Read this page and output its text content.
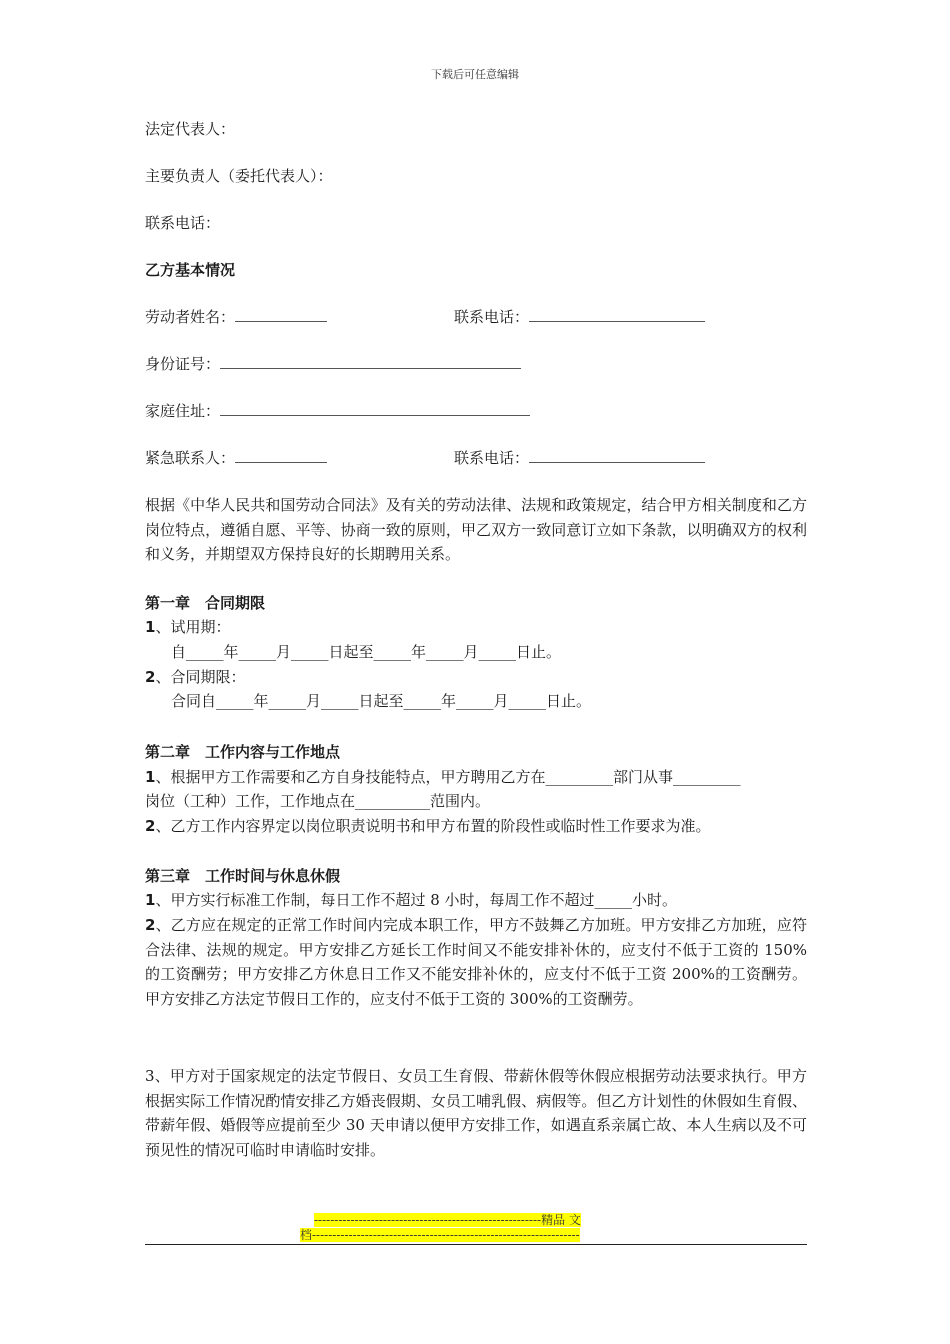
下载后可任意编辑
法定代表人：
主要负责人（委托代表人）：
联系电话：
乙方基本情况
劳动者姓名：	联系电话：
身份证号：
家庭住址：
紧急联系人：	联系电话：
根据《中华人民共和国劳动合同法》及有关的劳动法律、法规和政策规定，结合甲方相关制度和乙方岗位特点，遵循自愿、平等、协商一致的原则，甲乙双方一致同意订立如下条款，以明确双方的权利和义务，并期望双方保持良好的长期聘用关系。
第一章　合同期限
1、试用期：
自_____年_____月_____日起至_____年_____月_____日止。
2、合同期限：
合同自_____年_____月_____日起至_____年_____月_____日止。
第二章　工作内容与工作地点
1、根据甲方工作需要和乙方自身技能特点，甲方聘用乙方在_________部门从事_________
岗位（工种）工作，工作地点在__________范围内。
2、乙方工作内容界定以岗位职责说明书和甲方布置的阶段性或临时性工作要求为准。
第三章　工作时间与休息休假
1、甲方实行标准工作制，每日工作不超过 8 小时，每周工作不超过_____小时。
2、乙方应在规定的正常工作时间内完成本职工作，甲方不鼓舞乙方加班。甲方安排乙方加班，应符合法律、法规的规定。甲方安排乙方延长工作时间又不能安排补休的，应支付不低于工资的 150%的工资酬劳；甲方安排乙方休息日工作又不能安排补休的，应支付不低于工资 200%的工资酬劳。甲方安排乙方法定节假日工作的，应支付不低于工资的 300%的工资酬劳。
3、甲方对于国家规定的法定节假日、女员工生育假、带薪休假等休假应根据劳动法要求执行。甲方根据实际工作情况酌情安排乙方婚丧假期、女员工哺乳假、病假等。但乙方计划性的休假如生育假、带薪年假、婚假等应提前至少 30 天申请以便甲方安排工作，如遇直系亲属亡故、本人生病以及不可预见性的情况可临时申请临时安排。
--------------------------------------------------------精品 文
档------------------------------------------------------------------
